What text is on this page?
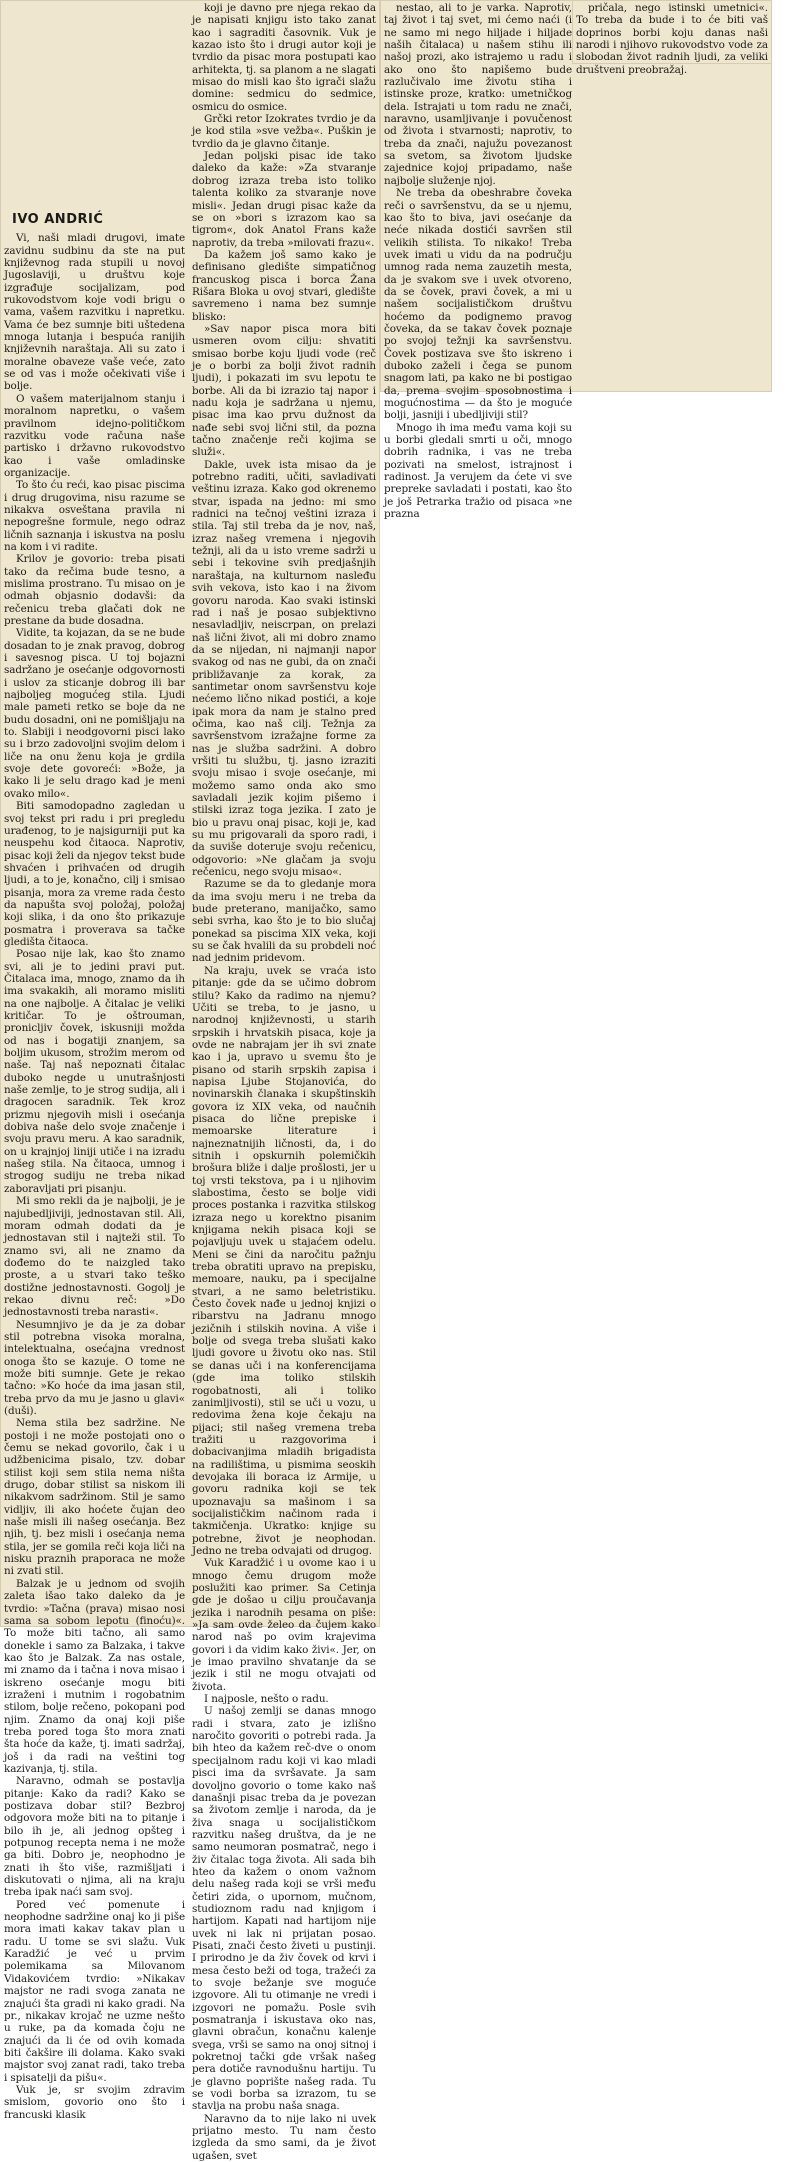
IVO ANDRIĆ

Vi, naši mladi drugovi, imate zavidnu sudbinu da ste na put književnog rada stupili u novoj Jugoslaviji, u društvu koje izgrađuje socijalizam, pod rukovodstvom koje vodi brigu o vama, vašem razvitku i napretku. Vama će bez sumnje biti uštedena mnoga lutanja i bespuća ranijih književnih naraštaja. Ali su zato i moralne obaveze vaše veće, zato se od vas i može očekivati više i bolje.

O vašem materijalnom stanju i moralnom napretku, o vašem pravilnom idejno-političkom razvitku vode računa naše partisko i državno rukovodstvo kao i vaše omladinske organizacije.

To što ću reći, kao pisac piscima i drug drugovima, nisu razume se nikakva osveštana pravila ni nepogrešne formule, nego odraz ličnih saznanja i iskustva na poslu na kom i vi radite.

Krilov je govorio: treba pisati tako da rečima bude tesno, a mislima prostrano. Tu misao on je odmah objasnio dodavši: da rečenicu treba glačati dok ne prestane da bude dosadna.

Vidite, ta kojazan, da se ne bude dosadan to je znak pravog, dobrog i savesnog pisca. U toj bojazni sadržano je osećanje odgovornosti i uslov za sticanje dobrog ili bar najboljeg mogućeg stila. Ljudi male pameti retko se boje da ne budu dosadni, oni ne pomišljaju na to. Slabiji i neodgovorni pisci lako su i brzo zadovoljni svojim delom i liče na onu ženu koja je grdila svoje dete govoreći: »Bože, ja kako li je selu drago kad je meni ovako milo«.

Biti samodopadno zagledan u svoj tekst pri radu i pri pregledu urađenog, to je najsigurniji put ka neuspehu kod čitaoca. Naprotiv, pisac koji želi da njegov tekst bude shvaćen i prihvaćen od drugih ljudi, a to je, konačno, cilj i smisao pisanja, mora za vreme rada često da napušta svoj položaj, položaj koji slika, i da ono što prikazuje posmatra i proverava sa tačke gledišta čitaoca.

Posao nije lak, kao što znamo svi, ali je to jedini pravi put. Čitalaca ima, mnogo, znamo da ih ima svakakih, ali moramo misliti na one najbolje. A čitalac je veliki kritičar. To je oštrouman, pronicljiv čovek, iskusniji možda od nas i bogatiji znanjem, sa boljim ukusom, strožim merom od naše. Taj naš nepoznati čitalac duboko negde u unutrašnjosti naše zemlje, to je strog sudija, ali i dragocen saradnik. Tek kroz prizmu njegovih misli i osećanja dobiva naše delo svoje značenje i svoju pravu meru. A kao saradnik, on u krajnjoj liniji utiče i na izradu našeg stila. Na čitaoca, umnog i strogog sudiju ne treba nikad zaboravljati pri pisanju.

Mi smo rekli da je najbolji, je je najubedljiviji, jednostavan stil. Ali, moram odmah dodati da je jednostavan stil i najteži stil. To znamo svi, ali ne znamo da dođemo do te naizgled tako proste, a u stvari tako teško dostižne jednostavnosti. Gogolj je rekao divnu reč: »Do jednostavnosti treba narasti«.

Nesumnjivo je da je za dobar stil potrebna visoka moralna, intelektualna, osećajna vrednost onoga što se kazuje. O tome ne može biti sumnje. Gete je rekao tačno: »Ko hoće da ima jasan stil, treba prvo da mu je jasno u glavi« (duši).

Nema stila bez sadržine. Ne postoji i ne može postojati ono o čemu se nekad govorilo, čak i u udžbenicima pisalo, tzv. dobar stilist koji sem stila nema ništa drugo, dobar stilist sa niskom ili nikakvom sadržinom. Stil je samo vidljiv, ili ako hoćete čujan deo naše misli ili našeg osećanja. Bez njih, tj. bez misli i osećanja nema stila, jer se gomila reči koja liči na nisku praznih praporaca ne može ni zvati stil.

Balzak je u jednom od svojih zaleta išao tako daleko da je tvrdio: »Tačna (prava) misao nosi sama sa sobom lepotu (finoću)«. To može biti tačno, ali samo donekle i samo za Balzaka, i takve kao što je Balzak. Za nas ostale, mi znamo da i tačna i nova misao i iskreno osećanje mogu biti izraženi i mutnim i rogobatnim stilom, bolje rečeno, pokopani pod njim. Znamo da onaj koji piše treba pored toga što mora znati šta hoće da kaže, tj. imati sadržaj, još i da radi na veštini tog kazivanja, tj. stila.

Naravno, odmah se postavlja pitanje: Kako da radi? Kako se postizava dobar stil? Bezbroj odgovora može biti na to pitanje i bilo ih je, ali jednog opšteg i potpunog recepta nema i ne može ga biti. Dobro je, neophodno je znati ih što više, razmišljati i diskutovati o njima, ali na kraju treba ipak naći sam svoj.

Pored već pomenute i neophodne sadržine onaj ko ji piše mora imati kakav takav plan u radu. U tome se svi slažu. Vuk Karadžić je već u prvim polemikama sa Milovanom Vidakovićem tvrdio: »Nikakav majstor ne radi svoga zanata ne znajući šta gradi ni kako gradi. Na pr., nikakav krojač ne uzme nešto u ruke, pa da komada čoju ne znajući da li će od ovih komada biti čakšire ili dolama. Kako svaki majstor svoj zanat radi, tako treba i spisatelji da pišu«.

Vuk je, sr svojim zdravim smislom, govorio ono što i francuski klasik

koji je davno pre njega rekao da je napisati knjigu isto tako zanat kao i sagraditi časovnik. Vuk je kazao isto što i drugi autor koji je tvrdio da pisac mora postupati kao arhitekta, tj. sa planom a ne slagati misao do misli kao što igrači slažu domine: sedmicu do sedmice, osmicu do osmice.

Grčki retor Izokrates tvrdio je da je kod stila »sve vežba«. Puškin je tvrdio da je glavno čitanje.

Jedan poljski pisac ide tako daleko da kaže: »Za stvaranje dobrog izraza treba isto toliko talenta koliko za stvaranje nove misli«. Jedan drugi pisac kaže da se on »bori s izrazom kao sa tigrom«, dok Anatol Frans kaže naprotiv, da treba »milovati frazu«.

Da kažem još samo kako je definisano gledište simpatičnog francuskog pisca i borca Žana Rišara Bloka u ovoj stvari, gledište savremeno i nama bez sumnje blisko:

»Sav napor pisca mora biti usmeren ovom cilju: shvatiti smisao borbe koju ljudi vode (reč je o borbi za bolji život radnih ljudi), i pokazati im svu lepotu te borbe. Ali da bi izrazio taj napor i nadu koja je sadržana u njemu, pisac ima kao prvu dužnost da nađe sebi svoj lični stil, da pozna tačno značenje reči kojima se služi«.

Dakle, uvek ista misao da je potrebno raditi, učiti, savladivati veštinu izraza. Kako god okrenemo stvar, ispada na jedno: mi smo radnici na tečnoj veštini izraza i stila. Taj stil treba da je nov, naš, izraz našeg vremena i njegovih težnji, ali da u isto vreme sadrži u sebi i tekovine svih predjašnjih naraštaja, na kulturnom nasleđu svih vekova, isto kao i na živom govoru naroda. Kao svaki istinski rad i naš je posao subjektivno nesavladljiv, neiscrpan, on prelazi naš lični život, ali mi dobro znamo da se nijedan, ni najmanji napor svakog od nas ne gubi, da on znači približavanje za korak, za santimetar onom savršenstvu koje nećemo lično nikad postići, a koje ipak mora da nam je stalno pred očima, kao naš cilj. Težnja za savršenstvom izražajne forme za nas je služba sadržini. A dobro vršiti tu službu, tj. jasno izraziti svoju misao i svoje osećanje, mi možemo samo onda ako smo savladali jezik kojim pišemo i stilski izraz toga jezika. I zato je bio u pravu onaj pisac, koji je, kad su mu prigovarali da sporo radi, i da suviše doteruje svoju rečenicu, odgovorio: »Ne glačam ja svoju rečenicu, nego svoju misao«.

Razume se da to gledanje mora da ima svoju meru i ne treba da bude preterano, manijačko, samo sebi svrha, kao što je to bio slučaj ponekad sa piscima XIX veka, koji su se čak hvalili da su probdeli noć nad jednim pridevom.

Na kraju, uvek se vraća isto pitanje: gde da se učimo dobrom stilu? Kako da radimo na njemu? Učiti se treba, to je jasno, u narodnoj književnosti, u starih srpskih i hrvatskih pisaca, koje ja ovde ne nabrajam jer ih svi znate kao i ja, upravo u svemu što je pisano od starih srpskih zapisa i napisa Ljube Stojanovića, do novinarskih članaka i skupštinskih govora iz XIX veka, od naučnih pisaca do lične prepiske i memoarske literature i najneznatnijih ličnosti, da, i do sitnih i opskurnih polemičkih brošura bliže i dalje prošlosti, jer u toj vrsti tekstova, pa i u njihovim slabostima, često se bolje vidi proces postanka i razvitka stilskog izraza nego u korektno pisanim knjigama nekih pisaca koji se pojavljuju uvek u stajaćem odelu. Meni se čini da naročitu pažnju treba obratiti upravo na prepisku, memoare, nauku, pa i specijalne stvari, a ne samo beletristiku. Često čovek nađe u jednoj knjizi o ribarstvu na Jadranu mnogo jezičnih i stilskih novina. A više i bolje od svega treba slušati kako ljudi govore u životu oko nas. Stil se danas uči i na konferencijama (gde ima toliko stilskih rogobatnosti, ali i toliko zanimljivosti), stil se uči u vozu, u redovima žena koje čekaju na pijaci; stil našeg vremena treba tražiti u razgovorima i dobacivanjima mladih brigadista na radilištima, u pismima seoskih devojaka ili boraca iz Armije, u govoru radnika koji se tek upoznavaju sa mašinom i sa socijalističkim načinom rada i takmičenja. Ukratko: knjige su potrebne, život je neophodan. Jedno ne treba odvajati od drugog.

Vuk Karadžić i u ovome kao i u mnogo čemu drugom može poslužiti kao primer. Sa Cetinja gde je došao u cilju proučavanja jezika i narodnih pesama on piše: »Ja sam ovde želeo da čujem kako narod naš po ovim krajevima govori i da vidim kako živi«. Jer, on je imao pravilno shvatanje da se jezik i stil ne mogu otvajati od života.

I najposle, nešto o radu.

U našoj zemlji se danas mnogo radi i stvara, zato je izlišno naročito govoriti o potrebi rada. Ja bih hteo da kažem reč-dve o onom specijalnom radu koji vi kao mladi pisci ima da svršavate. Ja sam dovoljno govorio o tome kako naš današnji pisac treba da je povezan sa životom zemlje i naroda, da je živa snaga u socijalističkom razvitku našeg društva, da je ne samo neumoran posmatrač, nego i živ čitalac toga života. Ali sada bih hteo da kažem o onom važnom delu našeg rada koji se vrši među četiri zida, o upornom, mučnom, studioznom radu nad knjigom i hartijom. Kapati nad hartijom nije uvek ni lak ni prijatan posao. Pisati, znači često živeti u pustinji. I prirodno je da živ čovek od krvi i mesa često beži od toga, tražeći za to svoje bežanje sve moguće izgovore. Ali tu otimanje ne vredi i izgovori ne pomažu. Posle svih posmatranja i iskustava oko nas, glavni obračun, konačnu kalenje svega, vrši se samo na onoj sitnoj i pokretnoj tački gde vršak našeg pera dotiče ravnodušnu hartiju. Tu je glavno poprište našeg rada. Tu se vodi borba sa izrazom, tu se stavlja na probu naša snaga.

Naravno da to nije lako ni uvek prijatno mesto. Tu nam često izgleda da smo sami, da je život ugašen, svet

nestao, ali to je varka. Naprotiv, taj život i taj svet, mi ćemo naći (i ne samo mi nego hiljade i hiljade naših čitalaca) u našem stihu ili našoj prozi, ako istrajemo u radu i ako ono što napišemo bude razlučivalo ime životu stiha i istinske proze, kratko: umetničkog dela. Istrajati u tom radu ne znači, naravno, usamljivanje i povučenost od života i stvarnosti; naprotiv, to treba da znači, najužu povezanost sa svetom, sa životom ljudske zajednice kojoj pripadamo, naše najbolje služenje njoj.

Ne treba da obeshrabre čoveka reči o savršenstvu, da se u njemu, kao što to biva, javi osećanje da neće nikada dostići savršen stil velikih stilista. To nikako! Treba uvek imati u vidu da na području umnog rada nema zauzetih mesta, da je svakom sve i uvek otvoreno, da se čovek, pravi čovek, a mi u našem socijalističkom društvu hoćemo da podignemo pravog čoveka, da se takav čovek poznaje po svojoj težnji ka savršenstvu. Čovek postizava sve što iskreno i duboko zaželi i čega se punom snagom lati, pa kako ne bi postigao da, prema svojim sposobnostima i mogućnostima — da što je moguće bolji, jasniji i ubedljiviji stil?

Mnogo ih ima među vama koji su u borbi gledali smrti u oči, mnogo dobrih radnika, i vas ne treba pozivati na smelost, istrajnost i radinost. Ja verujem da ćete vi sve prepreke savladati i postati, kao što je još Petrarka tražio od pisaca »ne prazna

pričala, nego istinski umetnici«. To treba da bude i to će biti vaš doprinos borbi koju danas naši narodi i njihovo rukovodstvo vode za slobodan život radnih ljudi, za veliki društveni preobražaj.
